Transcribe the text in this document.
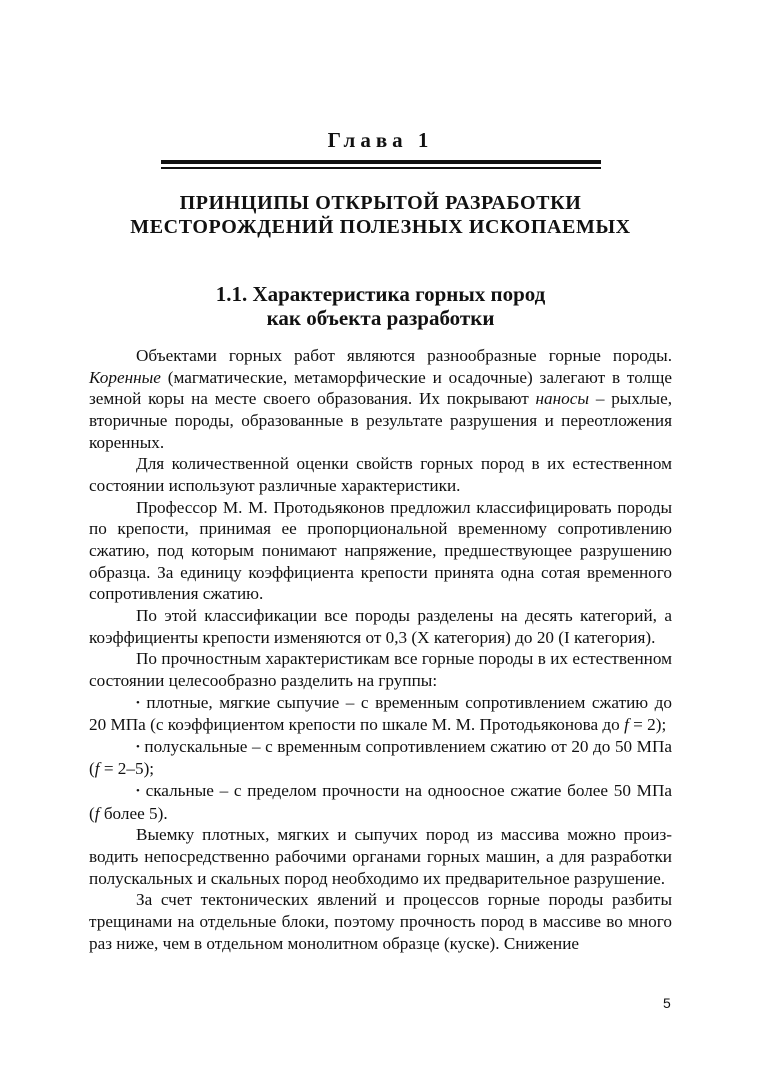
Глава 1
ПРИНЦИПЫ ОТКРЫТОЙ РАЗРАБОТКИ
МЕСТОРОЖДЕНИЙ ПОЛЕЗНЫХ ИСКОПАЕМЫХ
1.1. Характеристика горных пород
как объекта разработки

Объектами горных работ являются разнообразные горные породы. Коренные (магматические, метаморфические и осадочные) залегают в толще земной коры на месте своего образования. Их покрывают наносы – рыхлые, вторичные породы, образованные в результате разрушения и переотложения коренных.

Для количественной оценки свойств горных пород в их естественном состоянии используют различные характеристики.

Профессор М. М. Протодьяконов предложил классифицировать породы по крепости, принимая ее пропорциональной временному сопротивлению сжатию, под которым понимают напряжение, предшествующее разрушению образца. За единицу коэффициента крепости принята одна сотая временного сопротивления сжатию.

По этой классификации все породы разделены на десять категорий, а коэффициенты крепости изменяются от 0,3 (X категория) до 20 (I категория).

По прочностным характеристикам все горные породы в их естественном состоянии целесообразно разделить на группы:

• плотные, мягкие сыпучие – с временным сопротивлением сжатию до 20 МПа (с коэффициентом крепости по шкале М. М. Протодьяконова до f = 2);

• полускальные – с временным сопротивлением сжатию от 20 до 50 МПа (f = 2–5);

• скальные – с пределом прочности на одноосное сжатие более 50 МПа (f более 5).

Выемку плотных, мягких и сыпучих пород из массива можно производить непосредственно рабочими органами горных машин, а для разработки полускальных и скальных пород необходимо их предварительное разрушение.

За счет тектонических явлений и процессов горные породы разбиты трещинами на отдельные блоки, поэтому прочность пород в массиве во много раз ниже, чем в отдельном монолитном образце (куске). Снижение

5
